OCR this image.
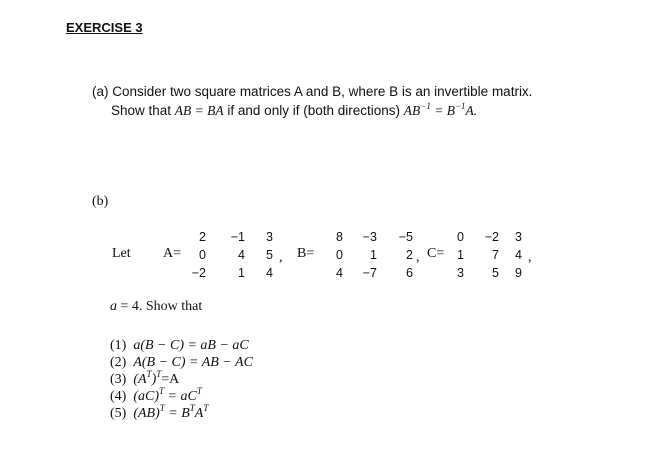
EXERCISE 3
(a) Consider two square matrices A and B, where B is an invertible matrix.
Show that AB = BA if and only if (both directions) $AB^{-1} = B^{-1}A$.
(b)
Let A=
2	−1	3
0	4	5
−2	1	4
, B=
8	−3	−5
0	1	2
4	−7	6
, C=
0	−2	3
1	7	4
3	5	9
,
a = 4. Show that
(1) a(B − C) = aB − aC
(2) A(B − C) = AB − AC
(3) $(A^T)^T=A$
(4) $(aC)^T = aC^T$
(5) $(AB)^T = B^TA^T$
